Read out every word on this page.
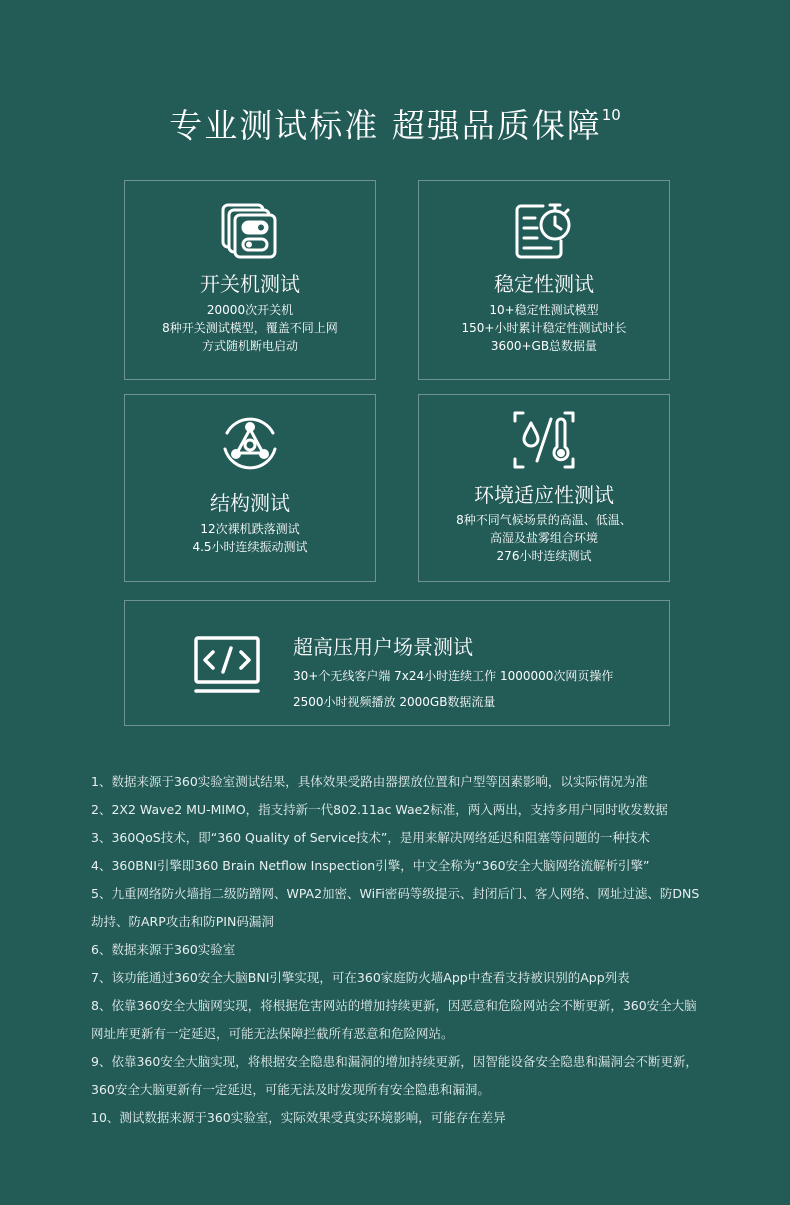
专业测试标准 超强品质保障$^{10}$
开关机测试
20000次开关机
8种开关测试模型，覆盖不同上网
方式随机断电启动
稳定性测试
10+稳定性测试模型
150+小时累计稳定性测试时长
3600+GB总数据量
结构测试
12次裸机跌落测试
4.5小时连续振动测试
环境适应性测试
8种不同气候场景的高温、低温、
高湿及盐雾组合环境
276小时连续测试
超高压用户场景测试
30+个无线客户端 7x24小时连续工作 1000000次网页操作
2500小时视频播放 2000GB数据流量
1、数据来源于360实验室测试结果，具体效果受路由器摆放位置和户型等因素影响，以实际情况为准
2、2X2 Wave2 MU-MIMO，指支持新一代802.11ac Wae2标准，两入两出，支持多用户同时收发数据
3、360QoS技术，即“360 Quality of Service技术”，是用来解决网络延迟和阻塞等问题的一种技术
4、360BNI引擎即360 Brain Netflow Inspection引擎，中文全称为“360安全大脑网络流解析引擎”
5、九重网络防火墙指二级防蹭网、WPA2加密、WiFi密码等级提示、封闭后门、客人网络、网址过滤、防DNS
劫持、防ARP攻击和防PIN码漏洞
6、数据来源于360实验室
7、该功能通过360安全大脑BNI引擎实现，可在360家庭防火墙App中查看支持被识别的App列表
8、依靠360安全大脑网实现，将根据危害网站的增加持续更新，因恶意和危险网站会不断更新，360安全大脑
网址库更新有一定延迟，可能无法保障拦截所有恶意和危险网站。
9、依靠360安全大脑实现，将根据安全隐患和漏洞的增加持续更新，因智能设备安全隐患和漏洞会不断更新，
360安全大脑更新有一定延迟，可能无法及时发现所有安全隐患和漏洞。
10、测试数据来源于360实验室，实际效果受真实环境影响，可能存在差异
